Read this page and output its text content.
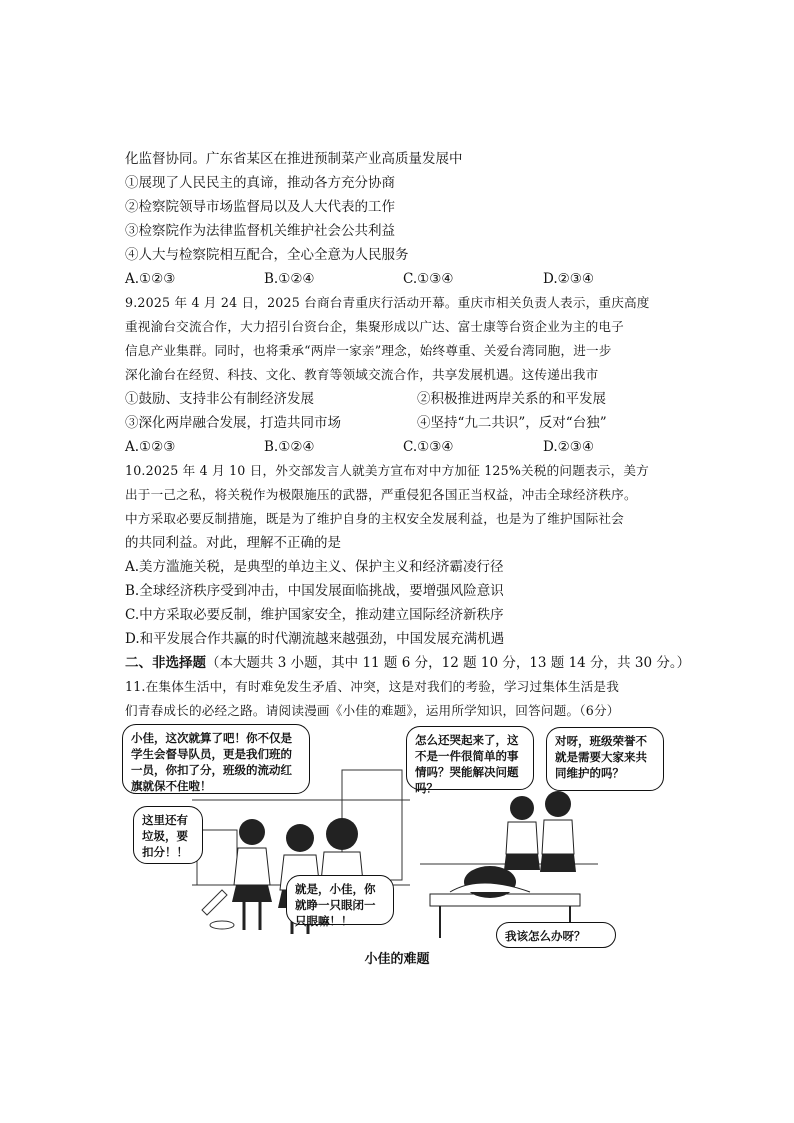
化监督协同。广东省某区在推进预制菜产业高质量发展中
①展现了人民民主的真谛，推动各方充分协商
②检察院领导市场监督局以及人大代表的工作
③检察院作为法律监督机关维护社会公共利益
④人大与检察院相互配合，全心全意为人民服务
A.①②③	B.①②④	C.①③④	D.②③④
9.2025 年 4 月 24 日，2025 台商台青重庆行活动开幕。重庆市相关负责人表示，重庆高度
重视渝台交流合作，大力招引台资台企，集聚形成以广达、富士康等台资企业为主的电子
信息产业集群。同时，也将秉承“两岸一家亲”理念，始终尊重、关爱台湾同胞，进一步
深化渝台在经贸、科技、文化、教育等领域交流合作，共享发展机遇。这传递出我市
①鼓励、支持非公有制经济发展	②积极推进两岸关系的和平发展
③深化两岸融合发展，打造共同市场	④坚持“九二共识”，反对“台独”
A.①②③	B.①②④	C.①③④	D.②③④
10.2025 年 4 月 10 日，外交部发言人就美方宣布对中方加征 125%关税的问题表示，美方
出于一己之私，将关税作为极限施压的武器，严重侵犯各国正当权益，冲击全球经济秩序。
中方采取必要反制措施，既是为了维护自身的主权安全发展利益，也是为了维护国际社会
的共同利益。对此，理解不正确的是
A.美方滥施关税，是典型的单边主义、保护主义和经济霸凌行径
B.全球经济秩序受到冲击，中国发展面临挑战，要增强风险意识
C.中方采取必要反制，维护国家安全，推动建立国际经济新秩序
D.和平发展合作共赢的时代潮流越来越强劲，中国发展充满机遇
二、非选择题（本大题共 3 小题，其中 11 题 6 分，12 题 10 分，13 题 14 分，共 30 分。）
11.在集体生活中，有时难免发生矛盾、冲突，这是对我们的考验，学习过集体生活是我
们青春成长的必经之路。请阅读漫画《小佳的难题》，运用所学知识，回答问题。（6分）
小佳，这次就算了吧！你不仅是学生会督导队员，更是我们班的一员，你扣了分，班级的流动红旗就保不住啦！
这里还有垃圾，要扣分！！
就是，小佳，你就睁一只眼闭一只眼嘛！！
怎么还哭起来了，这不是一件很简单的事情吗？哭能解决问题吗？
对呀，班级荣誉不就是需要大家来共同维护的吗？
我该怎么办呀？
小佳的难题
